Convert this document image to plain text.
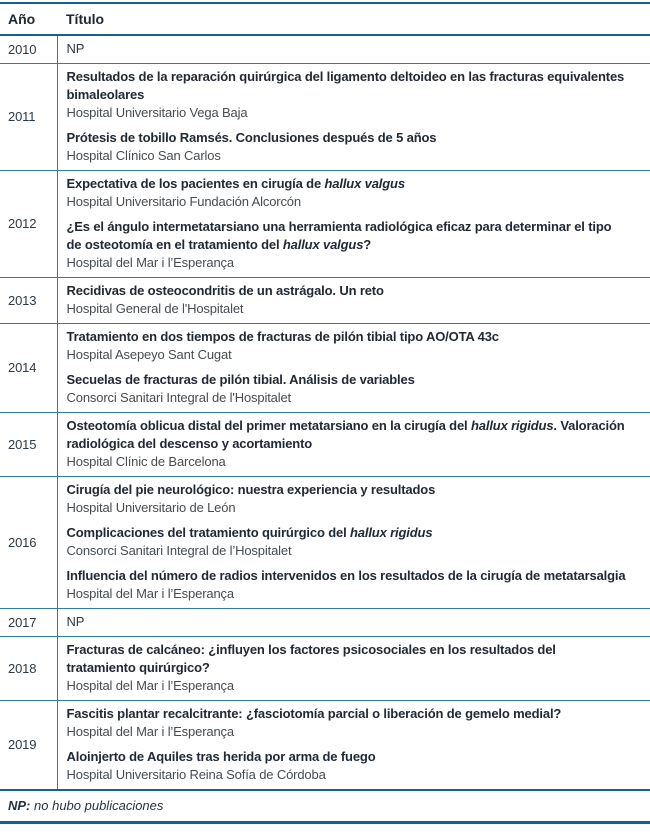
Año	Título
2010	NP
2011	Resultados de la reparación quirúrgica del ligamento deltoideo en las fracturas equivalentes bimaleolares
Hospital Universitario Vega Baja
Prótesis de tobillo Ramsés. Conclusiones después de 5 años
Hospital Clínico San Carlos

2012	Expectativa de los pacientes en cirugía de hallux valgus
Hospital Universitario Fundación Alcorcón
¿Es el ángulo intermetatarsiano una herramienta radiológica eficaz para determinar el tipo de osteotomía en el tratamiento del hallux valgus?
Hospital del Mar i l’Esperança

2013	Recidivas de osteocondritis de un astrágalo. Un reto
Hospital General de l'Hospitalet

2014	Tratamiento en dos tiempos de fracturas de pilón tibial tipo AO/OTA 43c
Hospital Asepeyo Sant Cugat
Secuelas de fracturas de pilón tibial. Análisis de variables
Consorci Sanitari Integral de l'Hospitalet

2015	Osteotomía oblicua distal del primer metatarsiano en la cirugía del hallux rigidus. Valoración radiológica del descenso y acortamiento
Hospital Clínic de Barcelona

2016	
Cirugía del pie neurológico: nuestra experiencia y resultados
Hospital Universitario de León
Complicaciones del tratamiento quirúrgico del hallux rigidus
Consorci Sanitari Integral de l’Hospitalet
Influencia del número de radios intervenidos en los resultados de la cirugía de metatarsalgia
Hospital del Mar i l’Esperança

2017	NP
2018	Fracturas de calcáneo: ¿influyen los factores psicosociales en los resultados del tratamiento quirúrgico?
Hospital del Mar i l’Esperança

2019	Fascitis plantar recalcitrante: ¿fasciotomía parcial o liberación de gemelo medial?
Hospital del Mar i l’Esperança
Aloinjerto de Aquiles tras herida por arma de fuego
Hospital Universitario Reina Sofía de Córdoba
NP: no hubo publicaciones
